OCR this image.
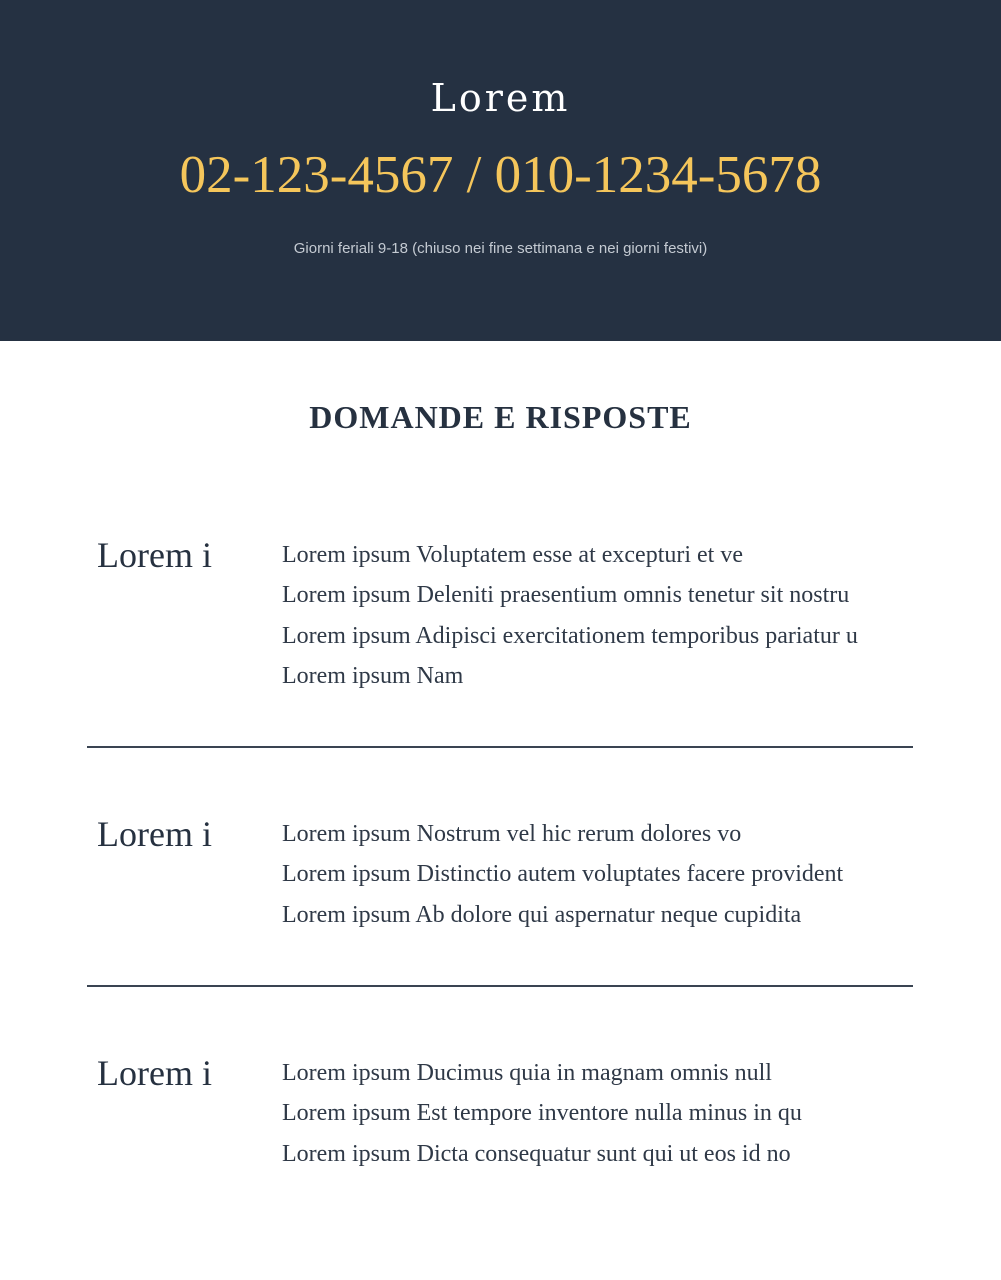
Lorem
02-123-4567 / 010-1234-5678
Giorni feriali 9-18 (chiuso nei fine settimana e nei giorni festivi)
DOMANDE E RISPOSTE
Lorem i	Lorem ipsum Voluptatem esse at excepturi et ve
Lorem ipsum Deleniti praesentium omnis tenetur sit nostru
Lorem ipsum Adipisci exercitationem temporibus pariatur u
Lorem ipsum Nam
Lorem i	Lorem ipsum Nostrum vel hic rerum dolores vo
Lorem ipsum Distinctio autem voluptates facere provident
Lorem ipsum Ab dolore qui aspernatur neque cupidita
Lorem i	Lorem ipsum Ducimus quia in magnam omnis null
Lorem ipsum Est tempore inventore nulla minus in qu
Lorem ipsum Dicta consequatur sunt qui ut eos id no
